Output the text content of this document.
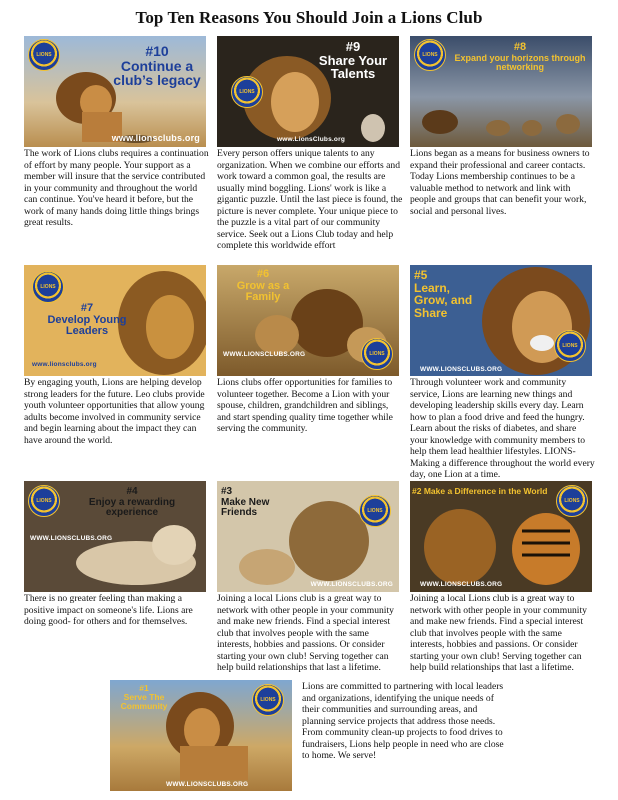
Top Ten Reasons You Should Join a Lions Club
LIONS	#10
Continue a club’s legacy
www.lionsclubs.org
The work of Lions clubs requires a continuation of effort by many people. Your support as a member will insure that the service contributed in your community and throughout the world can continue. You've heard it before, but the work of many hands doing little things brings great results.
LIONS
#9
Share Your Talents
www.LionsClubs.org
Every person offers unique talents to any organization. When we combine our efforts and work toward a common goal, the results are usually mind boggling. Lions' work is like a gigantic puzzle. Until the last piece is found, the picture is never complete. Your unique piece to the puzzle is a vital part of our community service. Seek out a Lions Club today and help complete this worldwide effort
LIONS
#8
Expand your horizons through networking
Lions began as a means for business owners to expand their professional and career contacts. Today Lions membership continues to be a valuable method to network and link with people and groups that can benefit your work, social and personal lives.
LIONS
#7
Develop Young Leaders
www.lionsclubs.org
By engaging youth, Lions are helping develop strong leaders for the future. Leo clubs provide youth volunteer opportunities that allow young adults become involved in community service and begin learning about the impact they can have around the world.
#6
Grow as a Family
LIONS
WWW.LIONSCLUBS.ORG
Lions clubs offer opportunities for families to volunteer together. Become a Lion with your spouse, children, grandchildren and siblings, and start spending quality time together while serving the community.
#5
Learn, Grow, and Share
LIONS
WWW.LIONSCLUBS.ORG
Through volunteer work and community service, Lions are learning new things and developing leadership skills every day. Learn how to plan a food drive and feed the hungry. Learn about the risks of diabetes, and share your knowledge with community members to help them lead healthier lifestyles. LIONS- Making a difference throughout the world every day, one Lion at a time.
LIONS
#4
Enjoy a rewarding experience
WWW.LIONSCLUBS.ORG
There is no greater feeling than making a positive impact on someone's life. Lions are doing good- for others and for themselves.
#3
Make New Friends	LIONS
WWW.LIONSCLUBS.ORG
Joining a local Lions club is a great way to network with other people in your community and make new friends. Find a special interest club that involves people with the same interests, hobbies and passions. Or consider starting your own club! Serving together can help build relationships that last a lifetime.
#2 Make a Difference in the World
LIONS
WWW.LIONSCLUBS.ORG
Joining a local Lions club is a great way to network with other people in your community and make new friends. Find a special interest club that involves people with the same interests, hobbies and passions. Or consider starting your own club! Serving together can help build relationships that last a lifetime.
#1
Serve The Community
LIONS
WWW.LIONSCLUBS.ORG
Lions are committed to partnering with local leaders and organizations, identifying the unique needs of their communities and surrounding areas, and planning service projects that address those needs. From community clean-up projects to food drives to fundraisers, Lions help people in need who are close to home. We serve!
